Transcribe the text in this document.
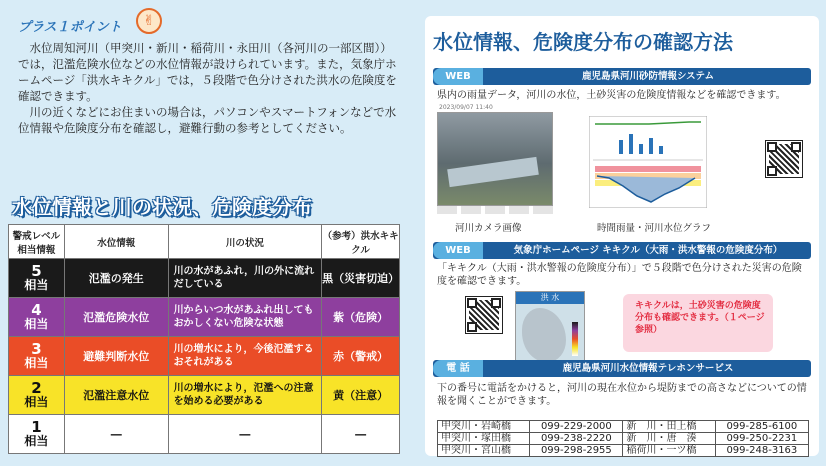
プラス１ポイント	✌

水位周知河川（甲突川・新川・稲荷川・永田川（各河川の一部区間））では，氾濫危険水位などの水位情報が設けられています。また，気象庁ホームページ「洪水キキクル」では，５段階で色分けされた洪水の危険度を確認できます。

川の近くなどにお住まいの場合は，パソコンやスマートフォンなどで水位情報や危険度分布を確認し，避難行動の参考としてください。

水位情報と川の状況、危険度分布
警戒レベル相当情報	水位情報	川の状況	（参考）洪水キキクル

5
相当	氾濫の発生	川の水があふれ，川の外に流れだしている	黒（災害切迫）

4
相当	氾濫危険水位	川からいつ水があふれ出してもおかしくない危険な状態	紫（危険）

3
相当	避難判断水位	川の増水により，今後氾濫するおそれがある	赤（警戒）

2
相当	氾濫注意水位	川の増水により，氾濫への注意を始める必要がある	黄（注意）

1
相当	―	―	―
水位情報、危険度分布の確認方法
WEB	鹿児島県河川砂防情報システム
県内の雨量データ，河川の水位，土砂災害の危険度情報などを確認できます。
2023/09/07 11:40
河川カメラ画像	時間雨量・河川水位グラフ
WEB	気象庁ホームページ キキクル（大雨・洪水警報の危険度分布）
「キキクル（大雨・洪水警報の危険度分布）」で５段階で色分けされた災害の危険度を確認できます。
洪 水
キキクルは，土砂災害の危険度分布も確認できます。（１ページ参照）
電 話	鹿児島県河川水位情報テレホンサービス
下の番号に電話をかけると，河川の現在水位から堤防までの高さなどについての情報を聞くことができます。
甲突川・岩崎橋	099-229-2000	新　川・田上橋	099-285-6100
甲突川・塚田橋	099-238-2220	新　川・唐　湊	099-250-2231
甲突川・宮山橋	099-298-2955	稲荷川・一ツ橋	099-248-3163
